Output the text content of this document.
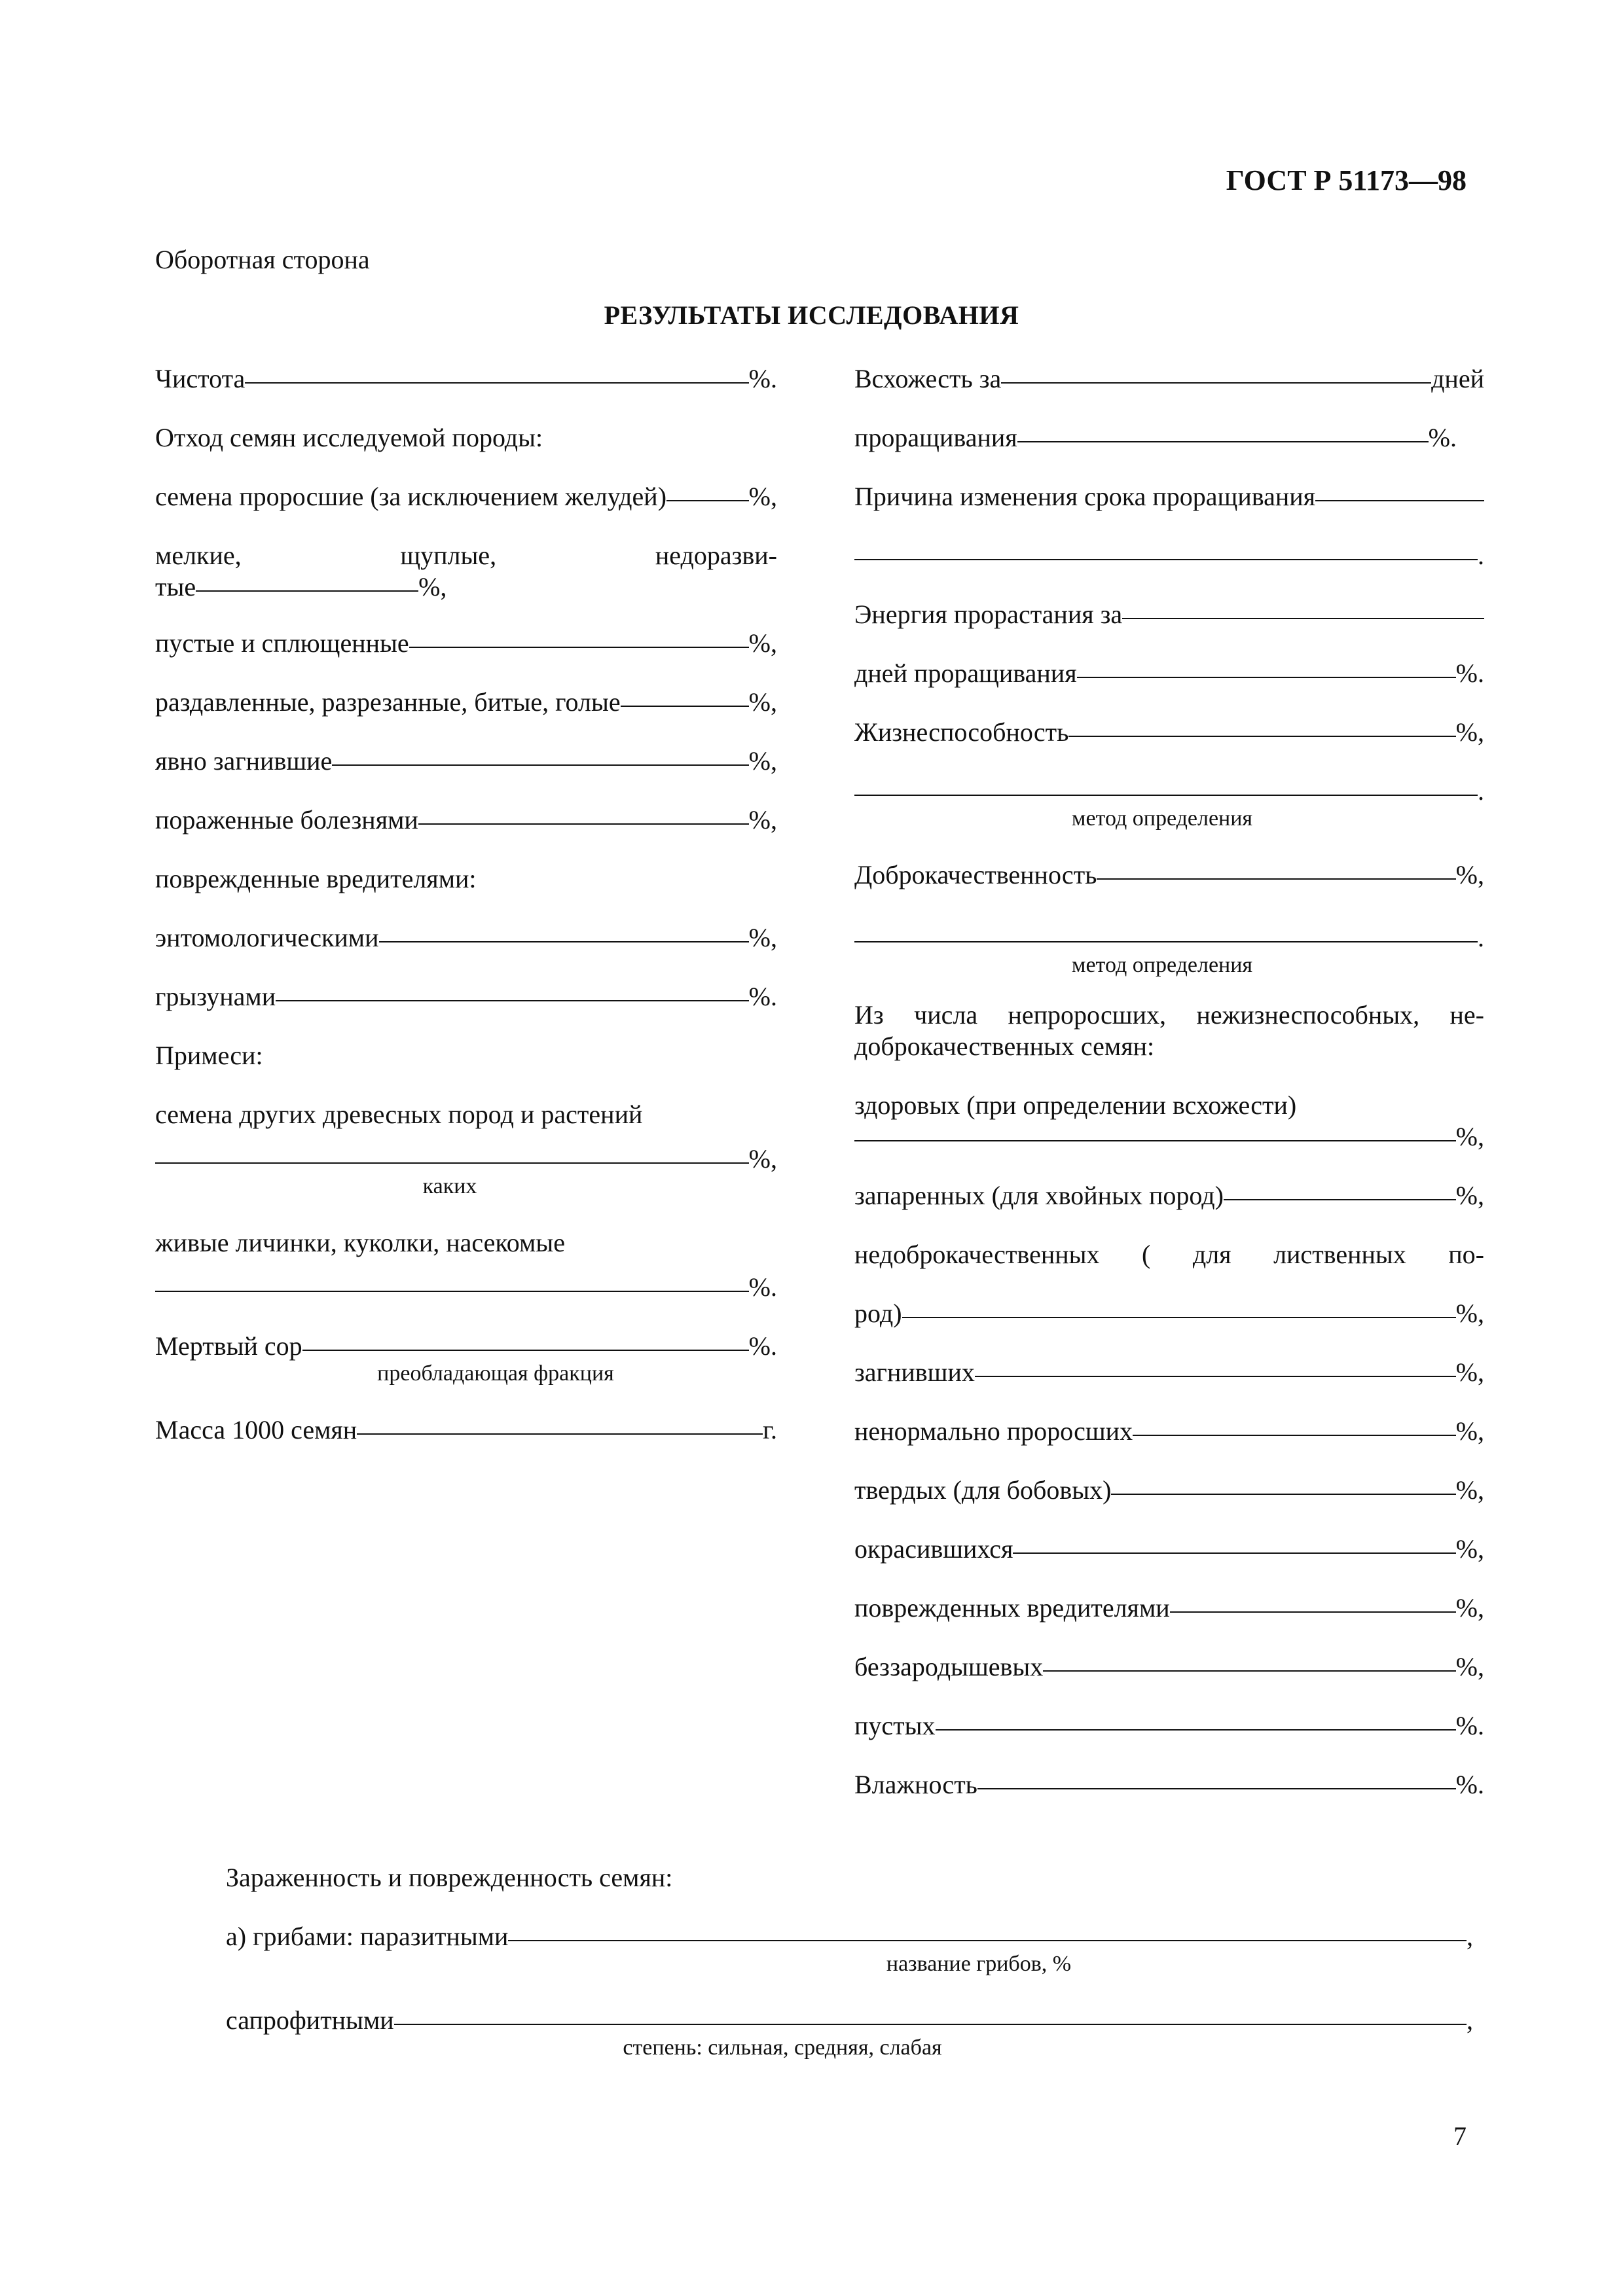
ГОСТ Р 51173—98
Оборотная сторона
РЕЗУЛЬТАТЫ ИССЛЕДОВАНИЯ
Чистота	%.
Отход семян исследуемой породы:
семена проросшие (за исключением желудей)	%,
мелкие, щуплые, недоразви-
тые	%,
пустые и сплющенные	%,
раздавленные, разрезанные, битые, голые	%,
явно загнившие	%,
пораженные болезнями	%,
поврежденные вредителями:
энтомологическими	%,
грызунами	%.
Примеси:
семена других древесных пород и растений
%,
каких
живые личинки, куколки, насекомые
%.
Мертвый сор	%.
преобладающая фракция
Масса 1000 семян	г.
Всхожесть за	дней
проращивания	%.
Причина изменения срока проращивания
.
Энергия прорастания за
дней проращивания	%.
Жизнеспособность	%,
.
метод определения
Доброкачественность	%,
.
метод определения
Из числа непроросших, нежизнеспособных, не-
доброкачественных семян:
здоровых (при определении всхожести)
%,
запаренных (для хвойных пород)	%,
недоброкачественных ( для лиственных по-
род)	%,
загнивших	%,
ненормально проросших	%,
твердых (для бобовых)	%,
окрасившихся	%,
поврежденных вредителями	%,
беззародышевых	%,
пустых	%.
Влажность	%.
Зараженность и поврежденность семян:
а) грибами: паразитными	,
название грибов, %
сапрофитными	,
степень: сильная, средняя, слабая
7
